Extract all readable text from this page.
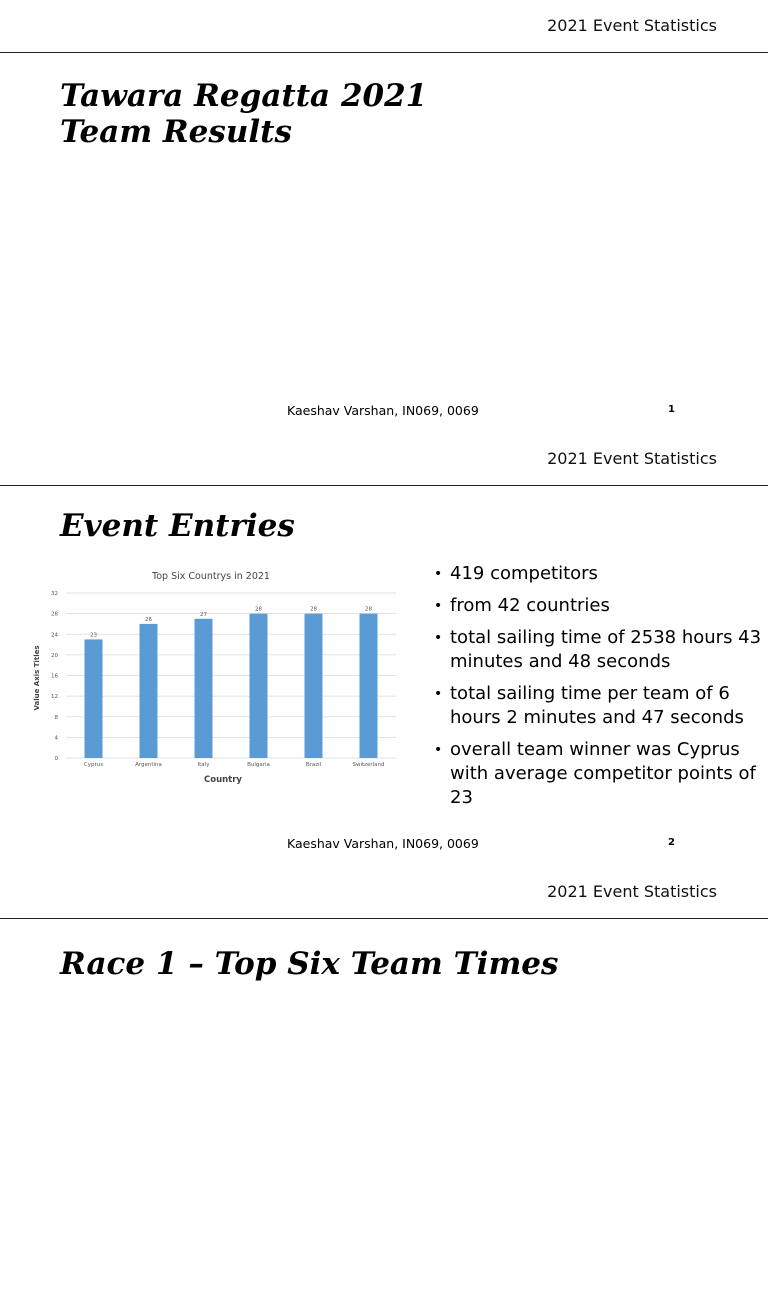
2021 Event Statistics
Tawara Regatta 2021
Team Results
Kaeshav Varshan, IN069, 0069	1
2021 Event Statistics
Event Entries
Kaeshav Varshan, IN069, 0069	2
Top Six Countrys in 2021
Value Axis Titles
Country
0
4
8
12
16
20
24
28
32
23
26
27
28	28	28
Cyprus	Argentina	Italy	Bulgaria	Brazil	Switzerland
• 419 competitors
• from 42 countries
• total sailing time of 2538 hours 43 minutes and 48 seconds
• total sailing time per team of 6 hours 2 minutes and 47 seconds
• overall team winner was Cyprus with average competitor points of 23
2021 Event Statistics
Race 1 – Top Six Team Times
